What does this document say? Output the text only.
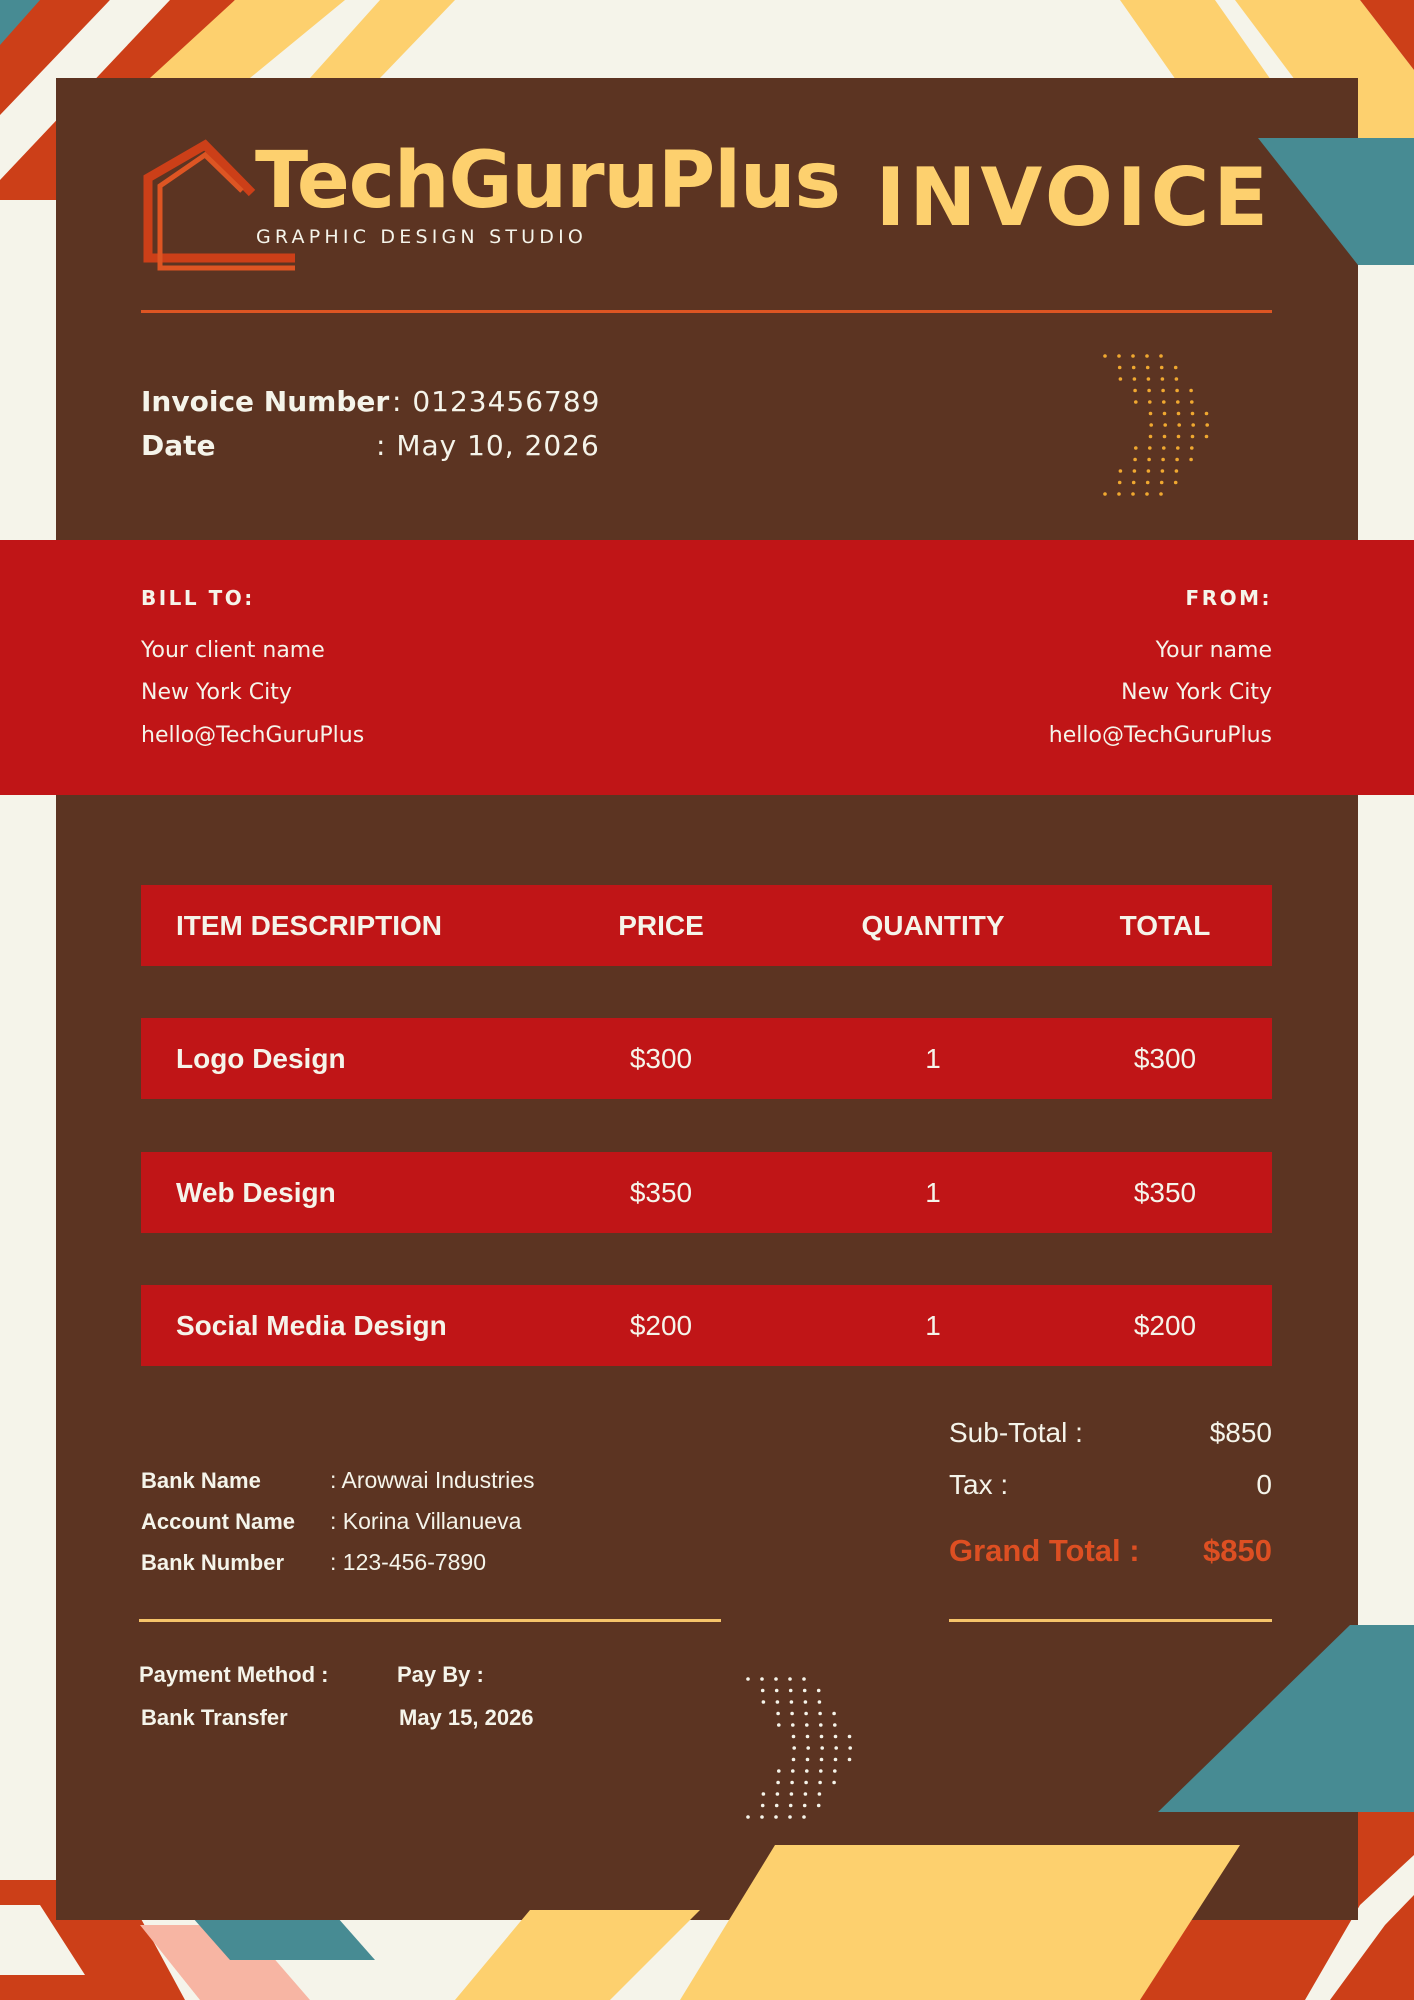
TechGuruPlus
GRAPHIC DESIGN STUDIO	INVOICE
Invoice Number : 0123456789
Date	: May 10, 2026
BILL TO:
Your client name
New York City
hello@TechGuruPlus
FROM:
Your name
New York City
hello@TechGuruPlus
ITEM DESCRIPTION	PRICE	QUANTITY	TOTAL
Logo Design	$300	1	$300
Web Design	$350	1	$350
Social Media Design	$200	1	$200
Bank Name	: Arowwai Industries
Account Name : Korina Villanueva
Bank Number : 123-456-7890
Sub-Total :	$850
Tax :	0
Grand Total : $850
Payment Method :
Bank Transfer
Pay By :
May 15, 2026
